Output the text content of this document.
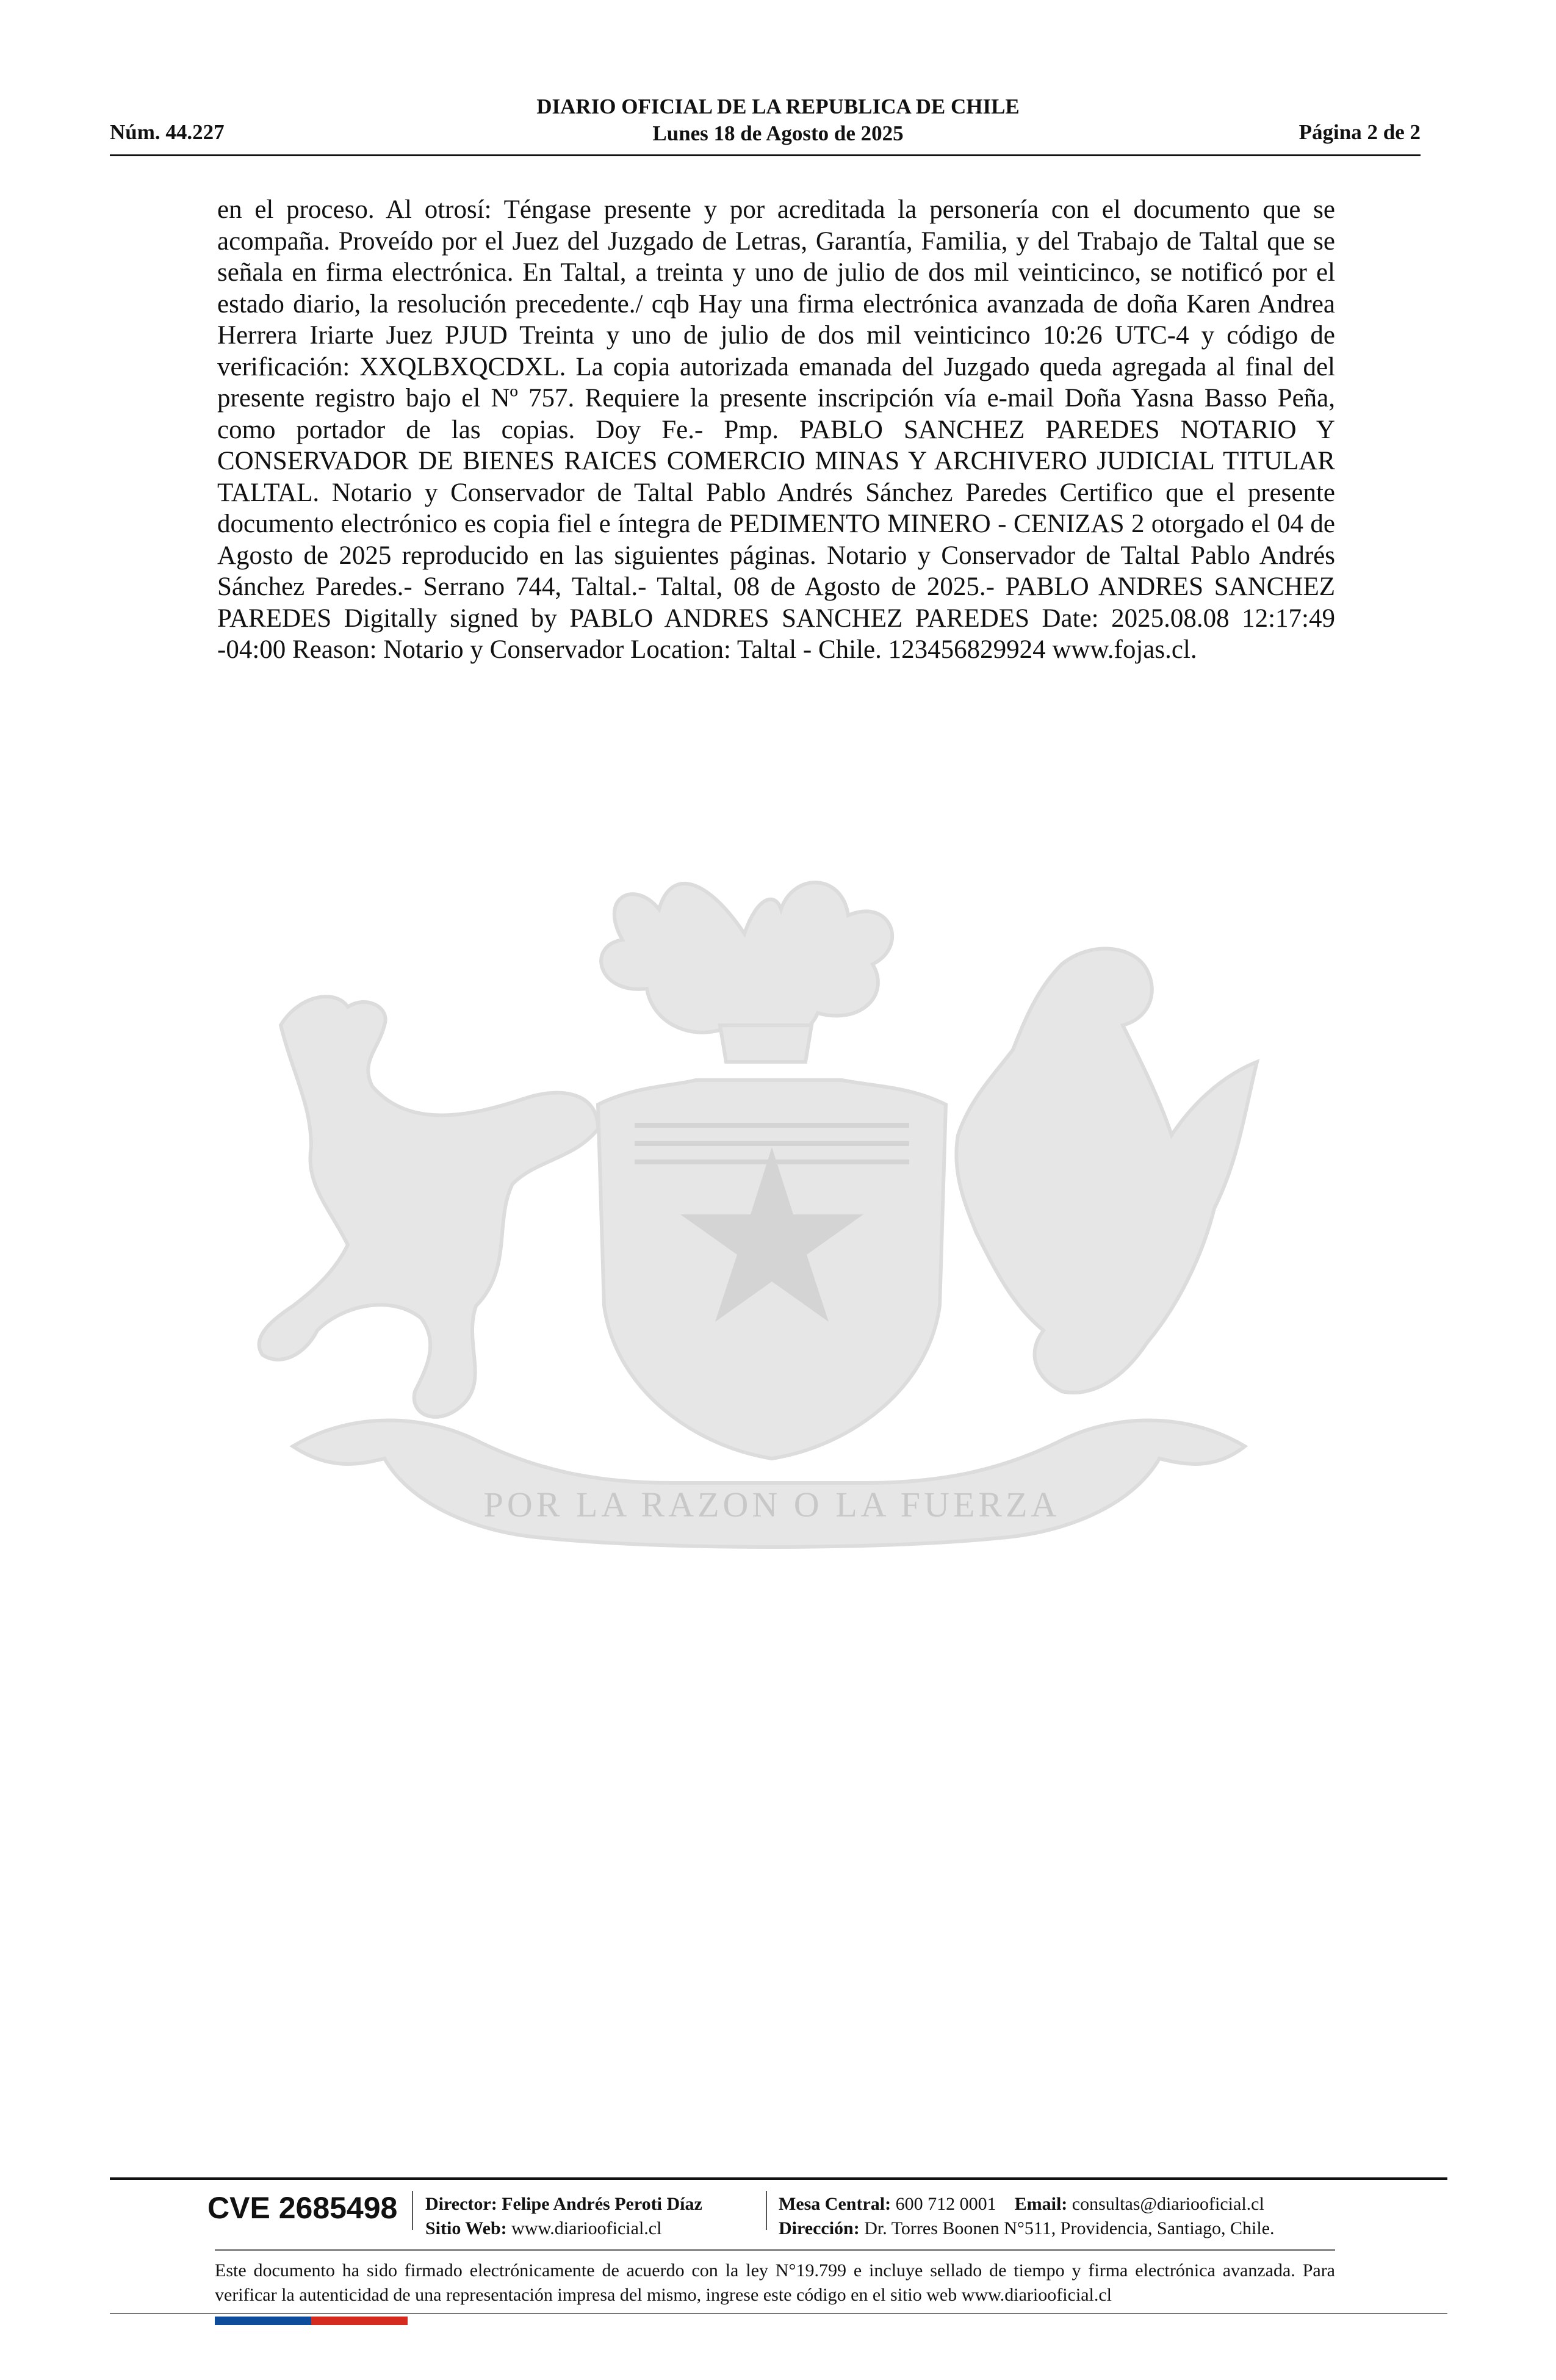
DIARIO OFICIAL DE LA REPUBLICA DE CHILE
Lunes 18 de Agosto de 2025
Núm. 44.227	Página 2 de 2
en el proceso. Al otrosí: Téngase presente y por acreditada la personería con el documento que se acompaña. Proveído por el Juez del Juzgado de Letras, Garantía, Familia, y del Trabajo de Taltal que se señala en firma electrónica. En Taltal, a treinta y uno de julio de dos mil veinticinco, se notificó por el estado diario, la resolución precedente./ cqb Hay una firma electrónica avanzada de doña Karen Andrea Herrera Iriarte Juez PJUD Treinta y uno de julio de dos mil veinticinco 10:26 UTC-4 y código de verificación: XXQLBXQCDXL. La copia autorizada emanada del Juzgado queda agregada al final del presente registro bajo el Nº 757. Requiere la presente inscripción vía e-mail Doña Yasna Basso Peña, como portador de las copias. Doy Fe.- Pmp. PABLO SANCHEZ PAREDES NOTARIO Y CONSERVADOR DE BIENES RAICES COMERCIO MINAS Y ARCHIVERO JUDICIAL TITULAR TALTAL. Notario y Conservador de Taltal Pablo Andrés Sánchez Paredes Certifico que el presente documento electrónico es copia fiel e íntegra de PEDIMENTO MINERO - CENIZAS 2 otorgado el 04 de Agosto de 2025 reproducido en las siguientes páginas. Notario y Conservador de Taltal Pablo Andrés Sánchez Paredes.- Serrano 744, Taltal.- Taltal, 08 de Agosto de 2025.- PABLO ANDRES SANCHEZ PAREDES Digitally signed by PABLO ANDRES SANCHEZ PAREDES Date: 2025.08.08 12:17:49 -04:00 Reason: Notario y Conservador Location: Taltal - Chile. 123456829924 www.fojas.cl.
POR LA RAZON O LA FUERZA
CVE 2685498 Director: Felipe Andrés Peroti Díaz
Sitio Web: www.diariooficial.cl
Mesa Central: 600 712 0001 Email: consultas@diariooficial.cl
Dirección: Dr. Torres Boonen N°511, Providencia, Santiago, Chile.
Este documento ha sido firmado electrónicamente de acuerdo con la ley N°19.799 e incluye sellado de tiempo y firma electrónica avanzada. Para verificar la autenticidad de una representación impresa del mismo, ingrese este código en el sitio web www.diariooficial.cl
